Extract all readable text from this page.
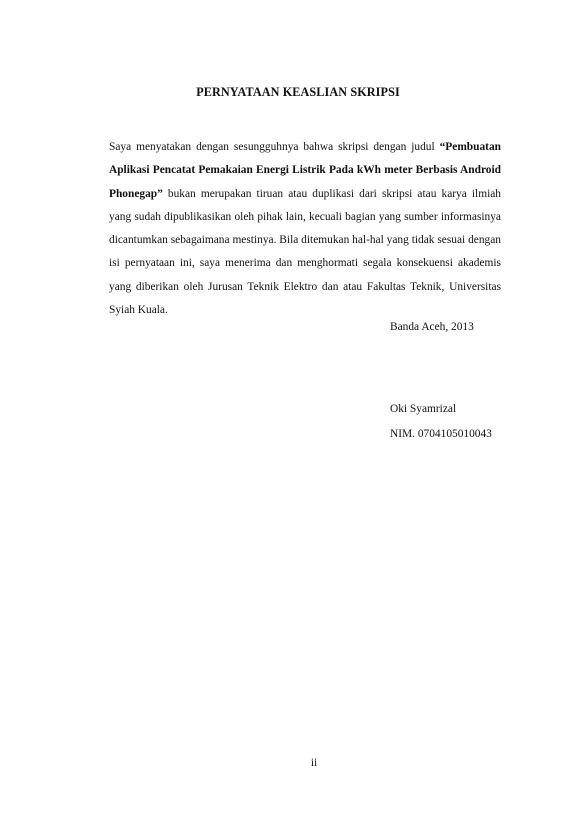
PERNYATAAN KEASLIAN SKRIPSI

Saya menyatakan dengan sesungguhnya bahwa skripsi dengan judul “Pembuatan Aplikasi Pencatat Pemakaian Energi Listrik Pada kWh meter Berbasis Android Phonegap” bukan merupakan tiruan atau duplikasi dari skripsi atau karya ilmiah yang sudah dipublikasikan oleh pihak lain, kecuali bagian yang sumber informasinya dicantumkan sebagaimana mestinya. Bila ditemukan hal-hal yang tidak sesuai dengan isi pernyataan ini, saya menerima dan menghormati segala konsekuensi akademis yang diberikan oleh Jurusan Teknik Elektro dan atau Fakultas Teknik, Universitas Syiah Kuala.

Banda Aceh, 2013
Oki Syamrizal
NIM. 0704105010043
ii
